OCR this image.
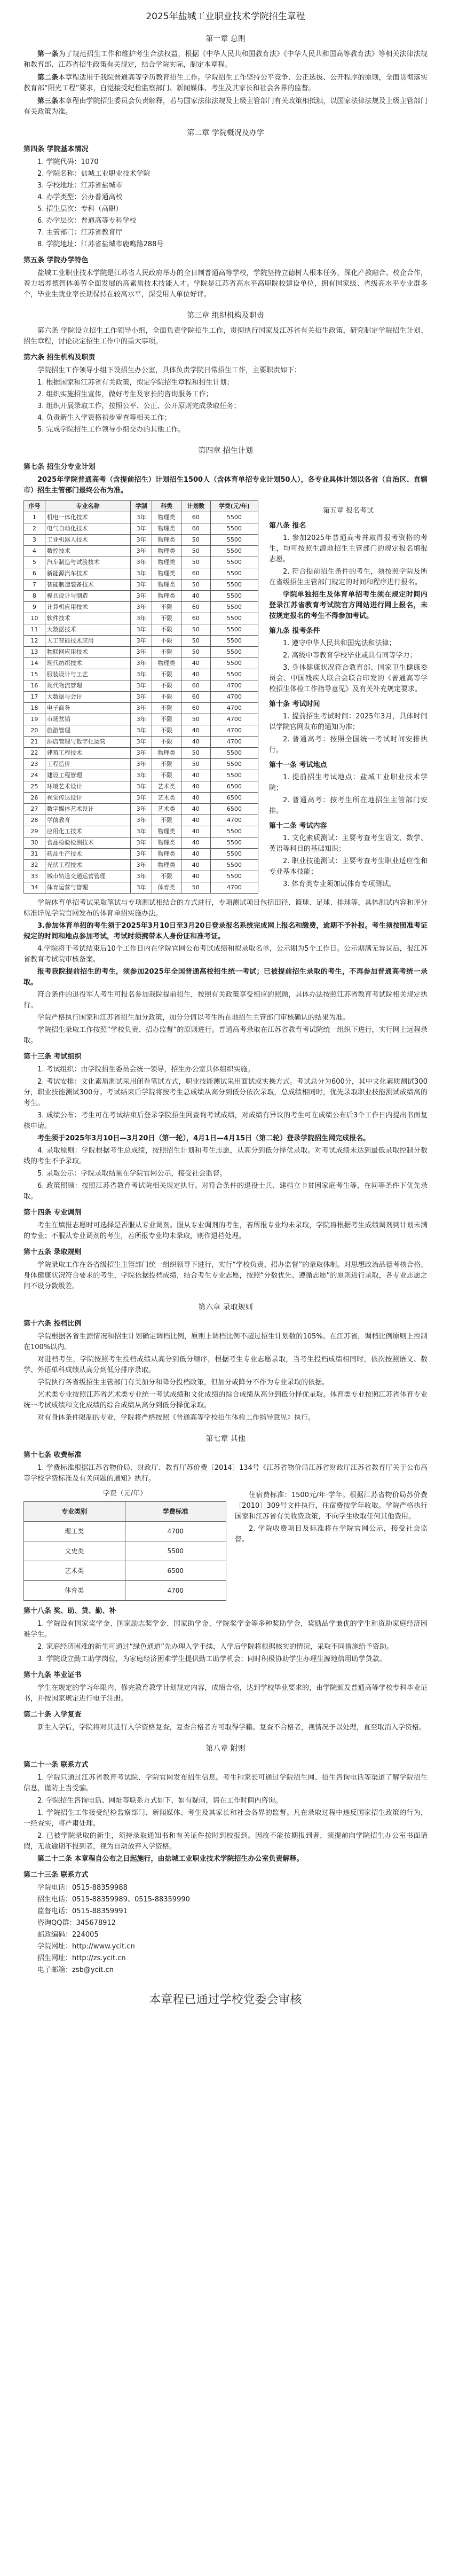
2025年盐城工业职业技术学院招生章程
第一章 总则

第一条为了规范招生工作和维护考生合法权益，根据《中华人民共和国教育法》《中华人民共和国高等教育法》等相关法律法规和教育部、江苏省招生政策有关规定，结合学院实际，制定本章程。

第二条本章程适用于我院普通高等学历教育招生工作。学院招生工作坚持公平竞争、公正选拔、公开程序的原则，全面贯彻落实教育部“阳光工程”要求，自觉接受纪检监察部门、新闻媒体、考生及其家长和社会各界的监督。

第三条本章程由学院招生委员会负责解释，若与国家法律法规及上级主管部门有关政策相抵触，以国家法律法规及上级主管部门有关政策为准。

第二章 学院概况及办学
第四条 学院基本情况
1. 学院代码：1070
2. 学院名称：盐城工业职业技术学院
3. 学校地址：江苏省盐城市
4. 办学类型：公办普通高校
5. 招生层次：专科（高职）
6. 办学层次：普通高等专科学校
7. 主管部门：江苏省教育厅
8. 学院地址：江苏省盐城市鹿鸣路288号
第五条 学院办学特色

盐城工业职业技术学院是江苏省人民政府举办的全日制普通高等学校，学院坚持立德树人根本任务，深化产教融合、校企合作，着力培养德智体美劳全面发展的高素质技术技能人才。学院是江苏省高水平高职院校建设单位，拥有国家级、省级高水平专业群多个，毕业生就业率长期保持在较高水平，深受用人单位好评。

第三章 组织机构及职责

第六条 学院设立招生工作领导小组，全面负责学院招生工作，贯彻执行国家及江苏省有关招生政策，研究制定学院招生计划、招生章程，讨论决定招生工作中的重大事项。

第六条 招生机构及职责

学院招生工作领导小组下设招生办公室，具体负责学院日常招生工作，主要职责如下：

1. 根据国家和江苏省有关政策，拟定学院招生章程和招生计划；
2. 组织实施招生宣传，做好考生及家长的咨询服务工作；
3. 组织开展录取工作，按照公平、公正、公开原则完成录取任务；
4. 负责新生入学资格初步审查等相关工作；
5. 完成学院招生工作领导小组交办的其他工作。
第四章 招生计划
第七条 招生分专业计划

2025年学院普通高考（含提前招生）计划招生1500人（含体育单招专业计划50人），各专业具体计划以各省（自治区、直辖市）招生主管部门最终公布为准。

序号	专业名称	学制	科类	计划数	学费(元/年)
1	机电一体化技术	3年	物理类	60	5500
2	电气自动化技术	3年	物理类	60	5500
3	工业机器人技术	3年	物理类	50	5500
4	数控技术	3年	物理类	50	5500
5	汽车制造与试验技术	3年	物理类	50	5500
6	新能源汽车技术	3年	物理类	60	5500
7	智能制造装备技术	3年	物理类	50	5500
8	模具设计与制造	3年	物理类	40	5500
9	计算机应用技术	3年	不限	60	5500
10	软件技术	3年	不限	60	5500
11	大数据技术	3年	不限	50	5500
12	人工智能技术应用	3年	不限	50	5500
13	物联网应用技术	3年	不限	50	5500
14	现代纺织技术	3年	物理类	40	5500
15	服装设计与工艺	3年	不限	40	5500
16	现代物流管理	3年	不限	60	4700
17	大数据与会计	3年	不限	60	4700
18	电子商务	3年	不限	60	4700
19	市场营销	3年	不限	50	4700
20	旅游管理	3年	不限	40	4700
21	酒店管理与数字化运营	3年	不限	40	4700
22	建筑工程技术	3年	物理类	50	5500
23	工程造价	3年	不限	50	5500
24	建设工程管理	3年	不限	40	5500
25	环境艺术设计	3年	艺术类	40	6500
26	视觉传达设计	3年	艺术类	40	6500
27	数字媒体艺术设计	3年	艺术类	40	6500
28	学前教育	3年	不限	40	4700
29	应用化工技术	3年	物理类	40	5500
30	食品检验检测技术	3年	物理类	40	5500
31	药品生产技术	3年	物理类	40	5500
32	光伏工程技术	3年	物理类	40	5500
33	城市轨道交通运营管理	3年	不限	40	5500
34	体育运营与管理	3年	体育类	50	4700
第五章 报名考试
第八条 报名

1. 参加2025年普通高考并取得报考资格的考生，均可按照生源地招生主管部门的规定报名填报志愿。

2. 符合提前招生条件的考生，须按照学院及所在省级招生主管部门规定的时间和程序进行报名。

学院单独招生及体育单招考生须在规定时间内登录江苏省教育考试院官方网站进行网上报名，未按规定报名的考生不得参加考试。

第九条 报考条件

1. 遵守中华人民共和国宪法和法律；

2. 高级中等教育学校毕业或具有同等学力；

3. 身体健康状况符合教育部、国家卫生健康委员会、中国残疾人联合会联合印发的《普通高等学校招生体检工作指导意见》及有关补充规定要求。

第十条 考试时间

1. 提前招生考试时间：2025年3月，具体时间以学院官网发布的通知为准；

2. 普通高考：按照全国统一考试时间安排执行。

第十一条 考试地点

1. 提前招生考试地点：盐城工业职业技术学院；

2. 普通高考：按考生所在地招生主管部门安排。

第十二条 考试内容

1. 文化素质测试：主要考查考生语文、数学、英语等科目的基础知识；

2. 职业技能测试：主要考查考生职业适应性和专业基本技能；

3. 体育类专业须加试体育专项测试。

学院体育单招考试采取笔试与专项测试相结合的方式进行，专项测试项目包括田径、篮球、足球、排球等，具体测试内容和评分标准详见学院官网发布的体育单招实施办法。

3.参加体育单招的考生须于2025年3月10日至3月20日登录报名系统完成网上报名和缴费，逾期不予补报。考生须按照准考证规定的时间和地点参加考试，考试时须携带本人身份证和准考证。

4.学院将于考试结束后10个工作日内在学院官网公布考试成绩和拟录取名单，公示期为5个工作日。公示期满无异议后，报江苏省教育考试院审核备案。

报考我院提前招生的考生，须参加2025年全国普通高校招生统一考试；已被提前招生录取的考生，不再参加普通高考统一录取。

符合条件的退役军人考生可报名参加我院提前招生，按照有关政策享受相应的照顾，具体办法按照江苏省教育考试院相关规定执行。

学院严格执行国家和江苏省招生加分政策，加分分值以考生所在地招生主管部门审核确认的结果为准。

学院招生录取工作按照“学校负责、招办监督”的原则进行。普通高考录取在江苏省教育考试院统一组织下进行，实行网上远程录取。

第十三条 考试组织

1. 考试组织：由学院招生委员会统一领导，招生办公室具体组织实施。

2. 考试安排：文化素质测试采用闭卷笔试方式，职业技能测试采用面试或实操方式。考试总分为600分，其中文化素质测试300分，职业技能测试300分。考试结束后学院将按考生总成绩从高分到低分依次录取，总成绩相同时，优先录取职业技能测试成绩高的考生。

3. 成绩公布：考生可在考试结束后登录学院招生网查询考试成绩，对成绩有异议的考生可在成绩公布后3个工作日内提出书面复核申请。

考生须于2025年3月10日—3月20日（第一轮），4月1日—4月15日（第二轮）登录学院招生网完成报名。

4. 录取原则：学院根据考生总成绩，按照招生计划和考生志愿，从高分到低分择优录取。对考试成绩未达到最低录取控制分数线的考生不予录取。

5. 录取公示：学院录取结果在学院官网公示，接受社会监督。

6. 政策照顾：按照江苏省教育考试院相关规定执行。对符合条件的退役士兵、建档立卡贫困家庭考生等，在同等条件下优先录取。

第十四条 专业调剂

考生在填报志愿时可选择是否服从专业调剂。服从专业调剂的考生，若所报专业均未录取，学院将根据考生成绩调剂到计划未满的专业；不服从专业调剂的考生，若所报专业均未录取，则作退档处理。

第十五条 录取规则

学院录取工作在各省级招生主管部门统一组织领导下进行，实行“学校负责、招办监督”的录取体制。对思想政治品德考核合格、身体健康状况符合要求的考生，学院依据投档成绩，结合考生专业志愿，按照“分数优先、遵循志愿”的原则进行录取，各专业志愿之间不设分数级差。

第六章 录取规则
第十六条 投档比例

学院根据各省生源情况和招生计划确定调档比例，原则上调档比例不超过招生计划数的105%。在江苏省，调档比例原则上控制在100%以内。

对进档考生，学院按照考生投档成绩从高分到低分顺序，根据考生专业志愿录取，当考生投档成绩相同时，依次按照语文、数学、外语单科成绩从高分到低分排序录取。

学院执行各省级招生主管部门有关加分和降分投档政策，但加分或降分不作为专业录取的依据。

艺术类专业按照江苏省艺术类专业统一考试成绩和文化成绩的综合成绩从高分到低分择优录取。体育类专业按照江苏省体育专业统一考试成绩和文化成绩的综合成绩从高分到低分择优录取。

对有身体条件限制的专业，学院将严格按照《普通高等学校招生体检工作指导意见》执行。

第七章 其他
第十七条 收费标准

1. 学费标准根据江苏省物价局、财政厅、教育厅苏价费〔2014〕134号《江苏省物价局江苏省财政厅江苏省教育厅关于公布高等学校学费标准及有关问题的通知》执行。

学费（元/年）
专业类别	学费标准
理工类	4700
文史类	5500
艺术类	6500
体育类	4700

住宿费标准：1500元/年·学年。根据江苏省物价局苏价费〔2010〕309号文件执行，住宿费按学年收取。学院严格执行国家和江苏省有关收费政策，不向学生收取任何其他费用。

2. 学院收费项目及标准将在学院官网公示，接受社会监督。

第十八条 奖、助、贷、勤、补

1. 学院设有国家奖学金、国家励志奖学金、国家助学金、学院奖学金等多种奖助学金，奖励品学兼优的学生和资助家庭经济困难学生。

2. 家庭经济困难的新生可通过“绿色通道”先办理入学手续，入学后学院将根据核实的情况，采取不同措施给予资助。

3. 学院设立勤工助学岗位，为家庭经济困难学生提供勤工助学机会；同时积极协助学生办理生源地信用助学贷款。

第十九条 毕业证书

学生在规定的学习年限内，修完教育教学计划规定内容，成绩合格，达到学校毕业要求的，由学院颁发普通高等学校专科毕业证书，并按国家规定进行电子注册。

第二十条 入学复查

新生入学后，学院将对其进行入学资格复查，复查合格者方可取得学籍。复查不合格者，视情况予以处理，直至取消入学资格。

第八章 附则
第二十一条 联系方式

1. 学院只通过江苏省教育考试院、学院官网发布招生信息。考生和家长可通过学院招生网、招生咨询电话等渠道了解学院招生信息，谨防上当受骗。

2. 学院招生咨询电话、网址等联系方式如下，如有疑问，请在工作时间内咨询。

1. 学院招生工作接受纪检监察部门、新闻媒体、考生及其家长和社会各界的监督。凡在录取过程中违反国家招生政策的行为，一经查实，将严肃处理。

2. 已被学院录取的新生，须持录取通知书和有关证件按时到校报到。因故不能按期报到者，须提前向学院招生办公室书面请假，无故逾期不报到者，视为自动放弃入学资格。

第二十二条 本章程自公布之日起施行，由盐城工业职业技术学院招生办公室负责解释。

第二十三条 联系方式
学院电话：0515-88359988
招生电话：0515-88359989、0515-88359990
监督电话：0515-88359991
咨询QQ群：345678912
邮政编码：224005
学院网址：http://www.ycit.cn
招生网址：http://zs.ycit.cn
电子邮箱：zsb@ycit.cn
本章程已通过学校党委会审核
